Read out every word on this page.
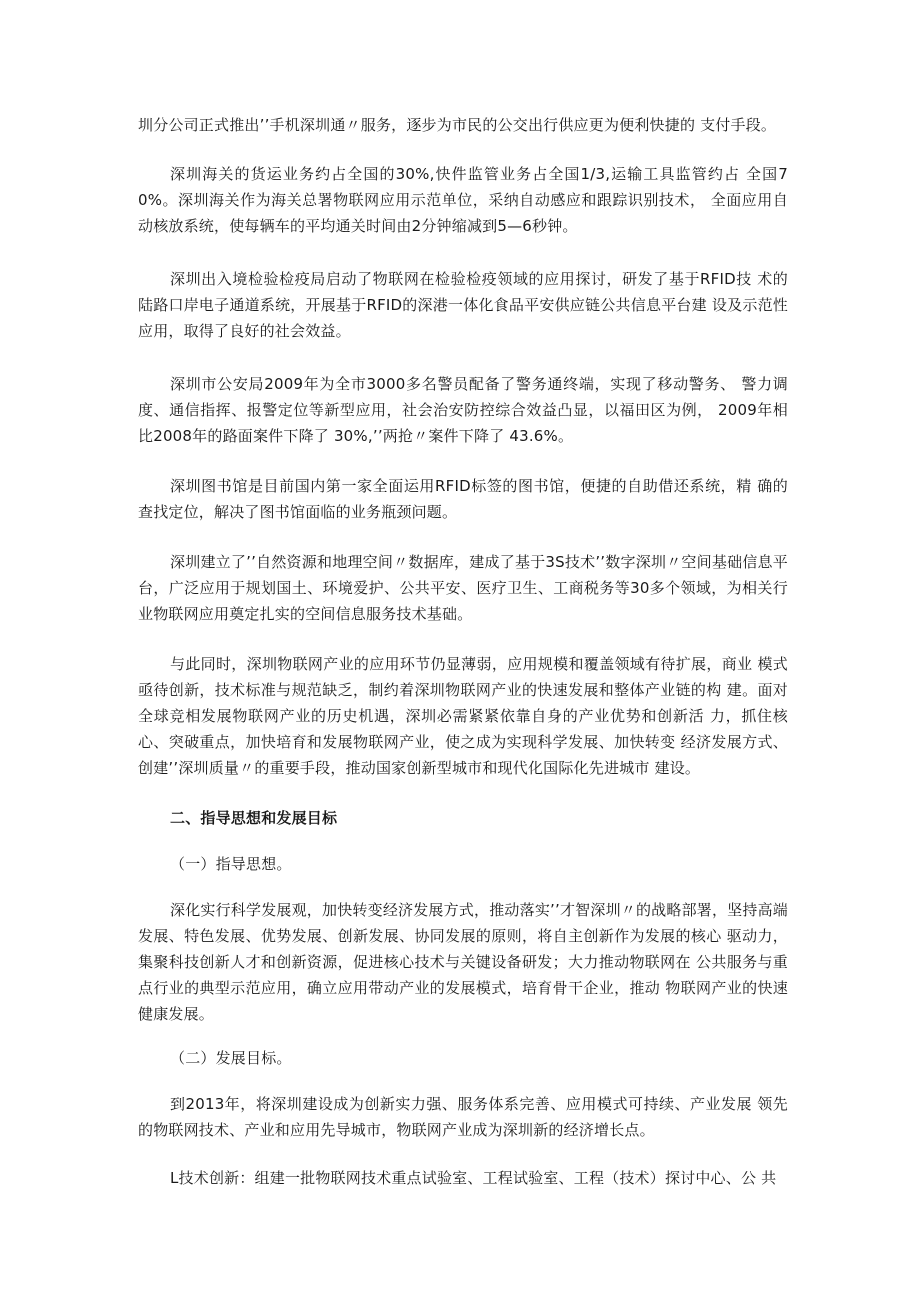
圳分公司正式推出’’手机深圳通〃服务，逐步为市民的公交出行供应更为便利快捷的 支付手段。

深圳海关的货运业务约占全国的30%,快件监管业务占全国1/3,运输工具监管约占 全国70%。深圳海关作为海关总署物联网应用示范单位，采纳自动感应和跟踪识别技术， 全面应用自动核放系统，使每辆车的平均通关时间由2分钟缩减到5—6秒钟。

深圳出入境检验检疫局启动了物联网在检验检疫领域的应用探讨，研发了基于RFID技 术的陆路口岸电子通道系统，开展基于RFID的深港一体化食品平安供应链公共信息平台建 设及示范性应用，取得了良好的社会效益。

深圳市公安局2009年为全市3000多名警员配备了警务通终端，实现了移动警务、 警力调度、通信指挥、报警定位等新型应用，社会治安防控综合效益凸显，以福田区为例， 2009年相比2008年的路面案件下降了 30%,’’两抢〃案件下降了 43.6%。

深圳图书馆是目前国内第一家全面运用RFID标签的图书馆，便捷的自助借还系统，精 确的查找定位，解决了图书馆面临的业务瓶颈问题。

深圳建立了’’自然资源和地理空间〃数据库，建成了基于3S技术’’数字深圳〃空间基础信息平台，广泛应用于规划国土、环境爱护、公共平安、医疗卫生、工商税务等30多个领域，为相关行业物联网应用奠定扎实的空间信息服务技术基础。

与此同时，深圳物联网产业的应用环节仍显薄弱，应用规模和覆盖领域有待扩展，商业 模式亟待创新，技术标准与规范缺乏，制约着深圳物联网产业的快速发展和整体产业链的构 建。面对全球竞相发展物联网产业的历史机遇，深圳必需紧紧依靠自身的产业优势和创新活 力，抓住核心、突破重点，加快培育和发展物联网产业，使之成为实现科学发展、加快转变 经济发展方式、创建’’深圳质量〃的重要手段，推动国家创新型城市和现代化国际化先进城市 建设。

二、指导思想和发展目标

（一）指导思想。

深化实行科学发展观，加快转变经济发展方式，推动落实’’才智深圳〃的战略部署，坚持高端发展、特色发展、优势发展、创新发展、协同发展的原则，将自主创新作为发展的核心 驱动力，集聚科技创新人才和创新资源，促进核心技术与关键设备研发；大力推动物联网在 公共服务与重点行业的典型示范应用，确立应用带动产业的发展模式，培育骨干企业，推动 物联网产业的快速健康发展。

（二）发展目标。

到2013年，将深圳建设成为创新实力强、服务体系完善、应用模式可持续、产业发展 领先的物联网技术、产业和应用先导城市，物联网产业成为深圳新的经济增长点。

L技术创新：组建一批物联网技术重点试验室、工程试验室、工程（技术）探讨中心、公 共
